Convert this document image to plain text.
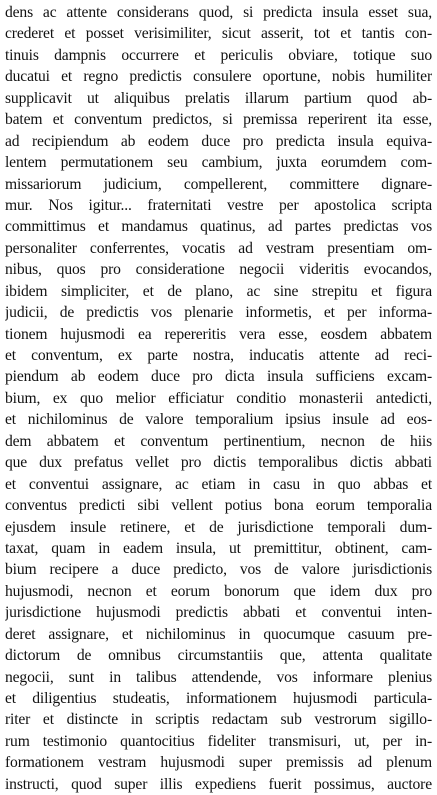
dens ac attente considerans quod, si predicta insula esset sua,
crederet et posset verisimiliter, sicut asserit, tot et tantis con-
tinuis dampnis occurrere et periculis obviare, totique suo
ducatui et regno predictis consulere oportune, nobis humiliter
supplicavit ut aliquibus prelatis illarum partium quod ab-
batem et conventum predictos, si premissa reperirent ita esse,
ad recipiendum ab eodem duce pro predicta insula equiva-
lentem permutationem seu cambium, juxta eorumdem com-
missariorum judicium, compellerent, committere dignare-
mur. Nos igitur... fraternitati vestre per apostolica scripta
committimus et mandamus quatinus, ad partes predictas vos
personaliter conferrentes, vocatis ad vestram presentiam om-
nibus, quos pro consideratione negocii videritis evocandos,
ibidem simpliciter, et de plano, ac sine strepitu et figura
judicii, de predictis vos plenarie informetis, et per informa-
tionem hujusmodi ea repereritis vera esse, eosdem abbatem
et conventum, ex parte nostra, inducatis attente ad reci-
piendum ab eodem duce pro dicta insula sufficiens excam-
bium, ex quo melior efficiatur conditio monasterii antedicti,
et nichilominus de valore temporalium ipsius insule ad eos-
dem abbatem et conventum pertinentium, necnon de hiis
que dux prefatus vellet pro dictis temporalibus dictis abbati
et conventui assignare, ac etiam in casu in quo abbas et
conventus predicti sibi vellent potius bona eorum temporalia
ejusdem insule retinere, et de jurisdictione temporali dum-
taxat, quam in eadem insula, ut premittitur, obtinent, cam-
bium recipere a duce predicto, vos de valore jurisdictionis
hujusmodi, necnon et eorum bonorum que idem dux pro
jurisdictione hujusmodi predictis abbati et conventui inten-
deret assignare, et nichilominus in quocumque casuum pre-
dictorum de omnibus circumstantiis que, attenta qualitate
negocii, sunt in talibus attendende, vos informare plenius
et diligentius studeatis, informationem hujusmodi particula-
riter et distincte in scriptis redactam sub vestrorum sigillo-
rum testimonio quantocitius fideliter transmisuri, ut, per in-
formationem vestram hujusmodi super premissis ad plenum
instructi, quod super illis expediens fuerit possimus, auctore
